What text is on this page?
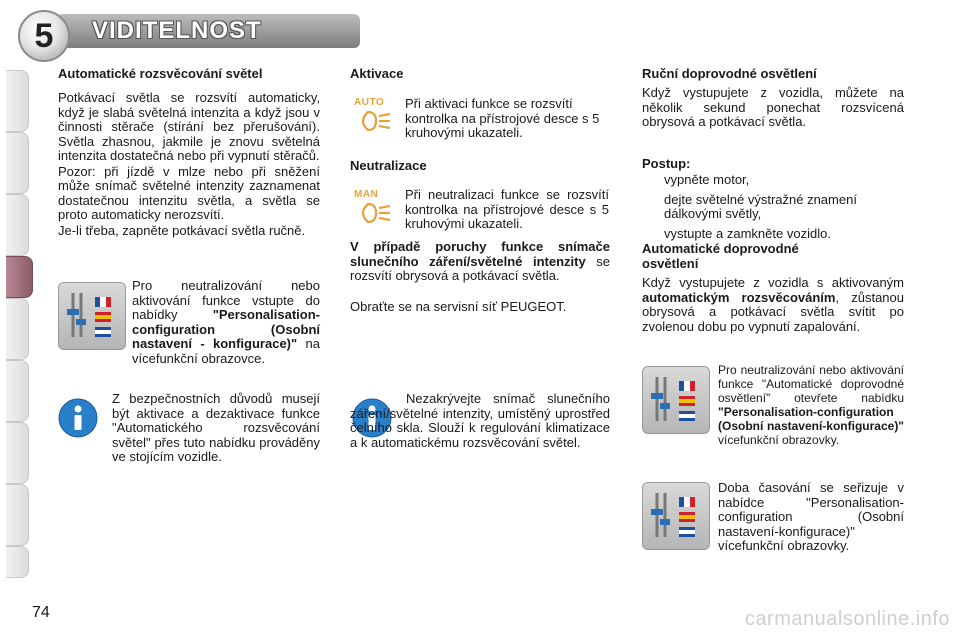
5	VIDITELNOST
Automatické rozsvěcování světel

Potkávací světla se rozsvítí automaticky, když je slabá světelná intenzita a když jsou v činnosti stěrače (stírání bez přerušování). Světla zhasnou, jakmile je znovu světelná intenzita dostatečná nebo při vypnutí stěračů.

Pozor: při jízdě v mlze nebo při sněžení může snímač světelné intenzity zaznamenat dostatečnou intenzitu světla, a světla se proto automaticky nerozsvítí.

Je-li třeba, zapněte potkávací světla ručně.

Pro neutralizování nebo aktivování funkce vstupte do nabídky	"Personalisation-configuration (Osobní nastavení - konfigurace)" na vícefunkční obrazovce.
Z bezpečnostních důvodů musejí být aktivace a dezaktivace funkce "Automatického rozsvěcování světel" přes tuto nabídku prováděny ve stojícím vozidle.
Aktivace
AUTO	Při aktivaci funkce se rozsvítí kontrolka na přístrojové desce s 5 kruhovými ukazateli.
Neutralizace
MAN	Při neutralizaci funkce se rozsvítí kontrolka na přístrojové desce s 5 kruhovými ukazateli.
V případě poruchy funkce snímače slunečního záření/světelné intenzity se rozsvítí obrysová a potkávací světla.
Obraťte se na servisní síť PEUGEOT.
Nezakrývejte snímač slunečního záření/světelné intenzity, umístěný uprostřed čelního skla. Slouží k regulování klimatizace a k automatickému rozsvěcování světel.
Ruční doprovodné osvětlení
Když vystupujete z vozidla, můžete na několik sekund ponechat rozsvícená obrysová a potkávací světla.
Postup:
vypněte motor,
dejte světelné výstražné znamení dálkovými světly,
vystupte a zamkněte vozidlo.
Automatické doprovodné osvětlení
Když vystupujete z vozidla s aktivovaným automatickým rozsvěcováním, zůstanou obrysová a potkávací světla svítit po zvolenou dobu po vypnutí zapalování.
Pro neutralizování nebo aktivování funkce "Automatické doprovodné osvětlení" otevřete nabídku "Personalisation-configuration (Osobní nastavení-konfigurace)" vícefunkční obrazovky.
Doba časování se seřizuje v nabídce "Personalisation-configuration (Osobní nastavení-konfigurace)" vícefunkční obrazovky.
74	carmanualsonline.info
